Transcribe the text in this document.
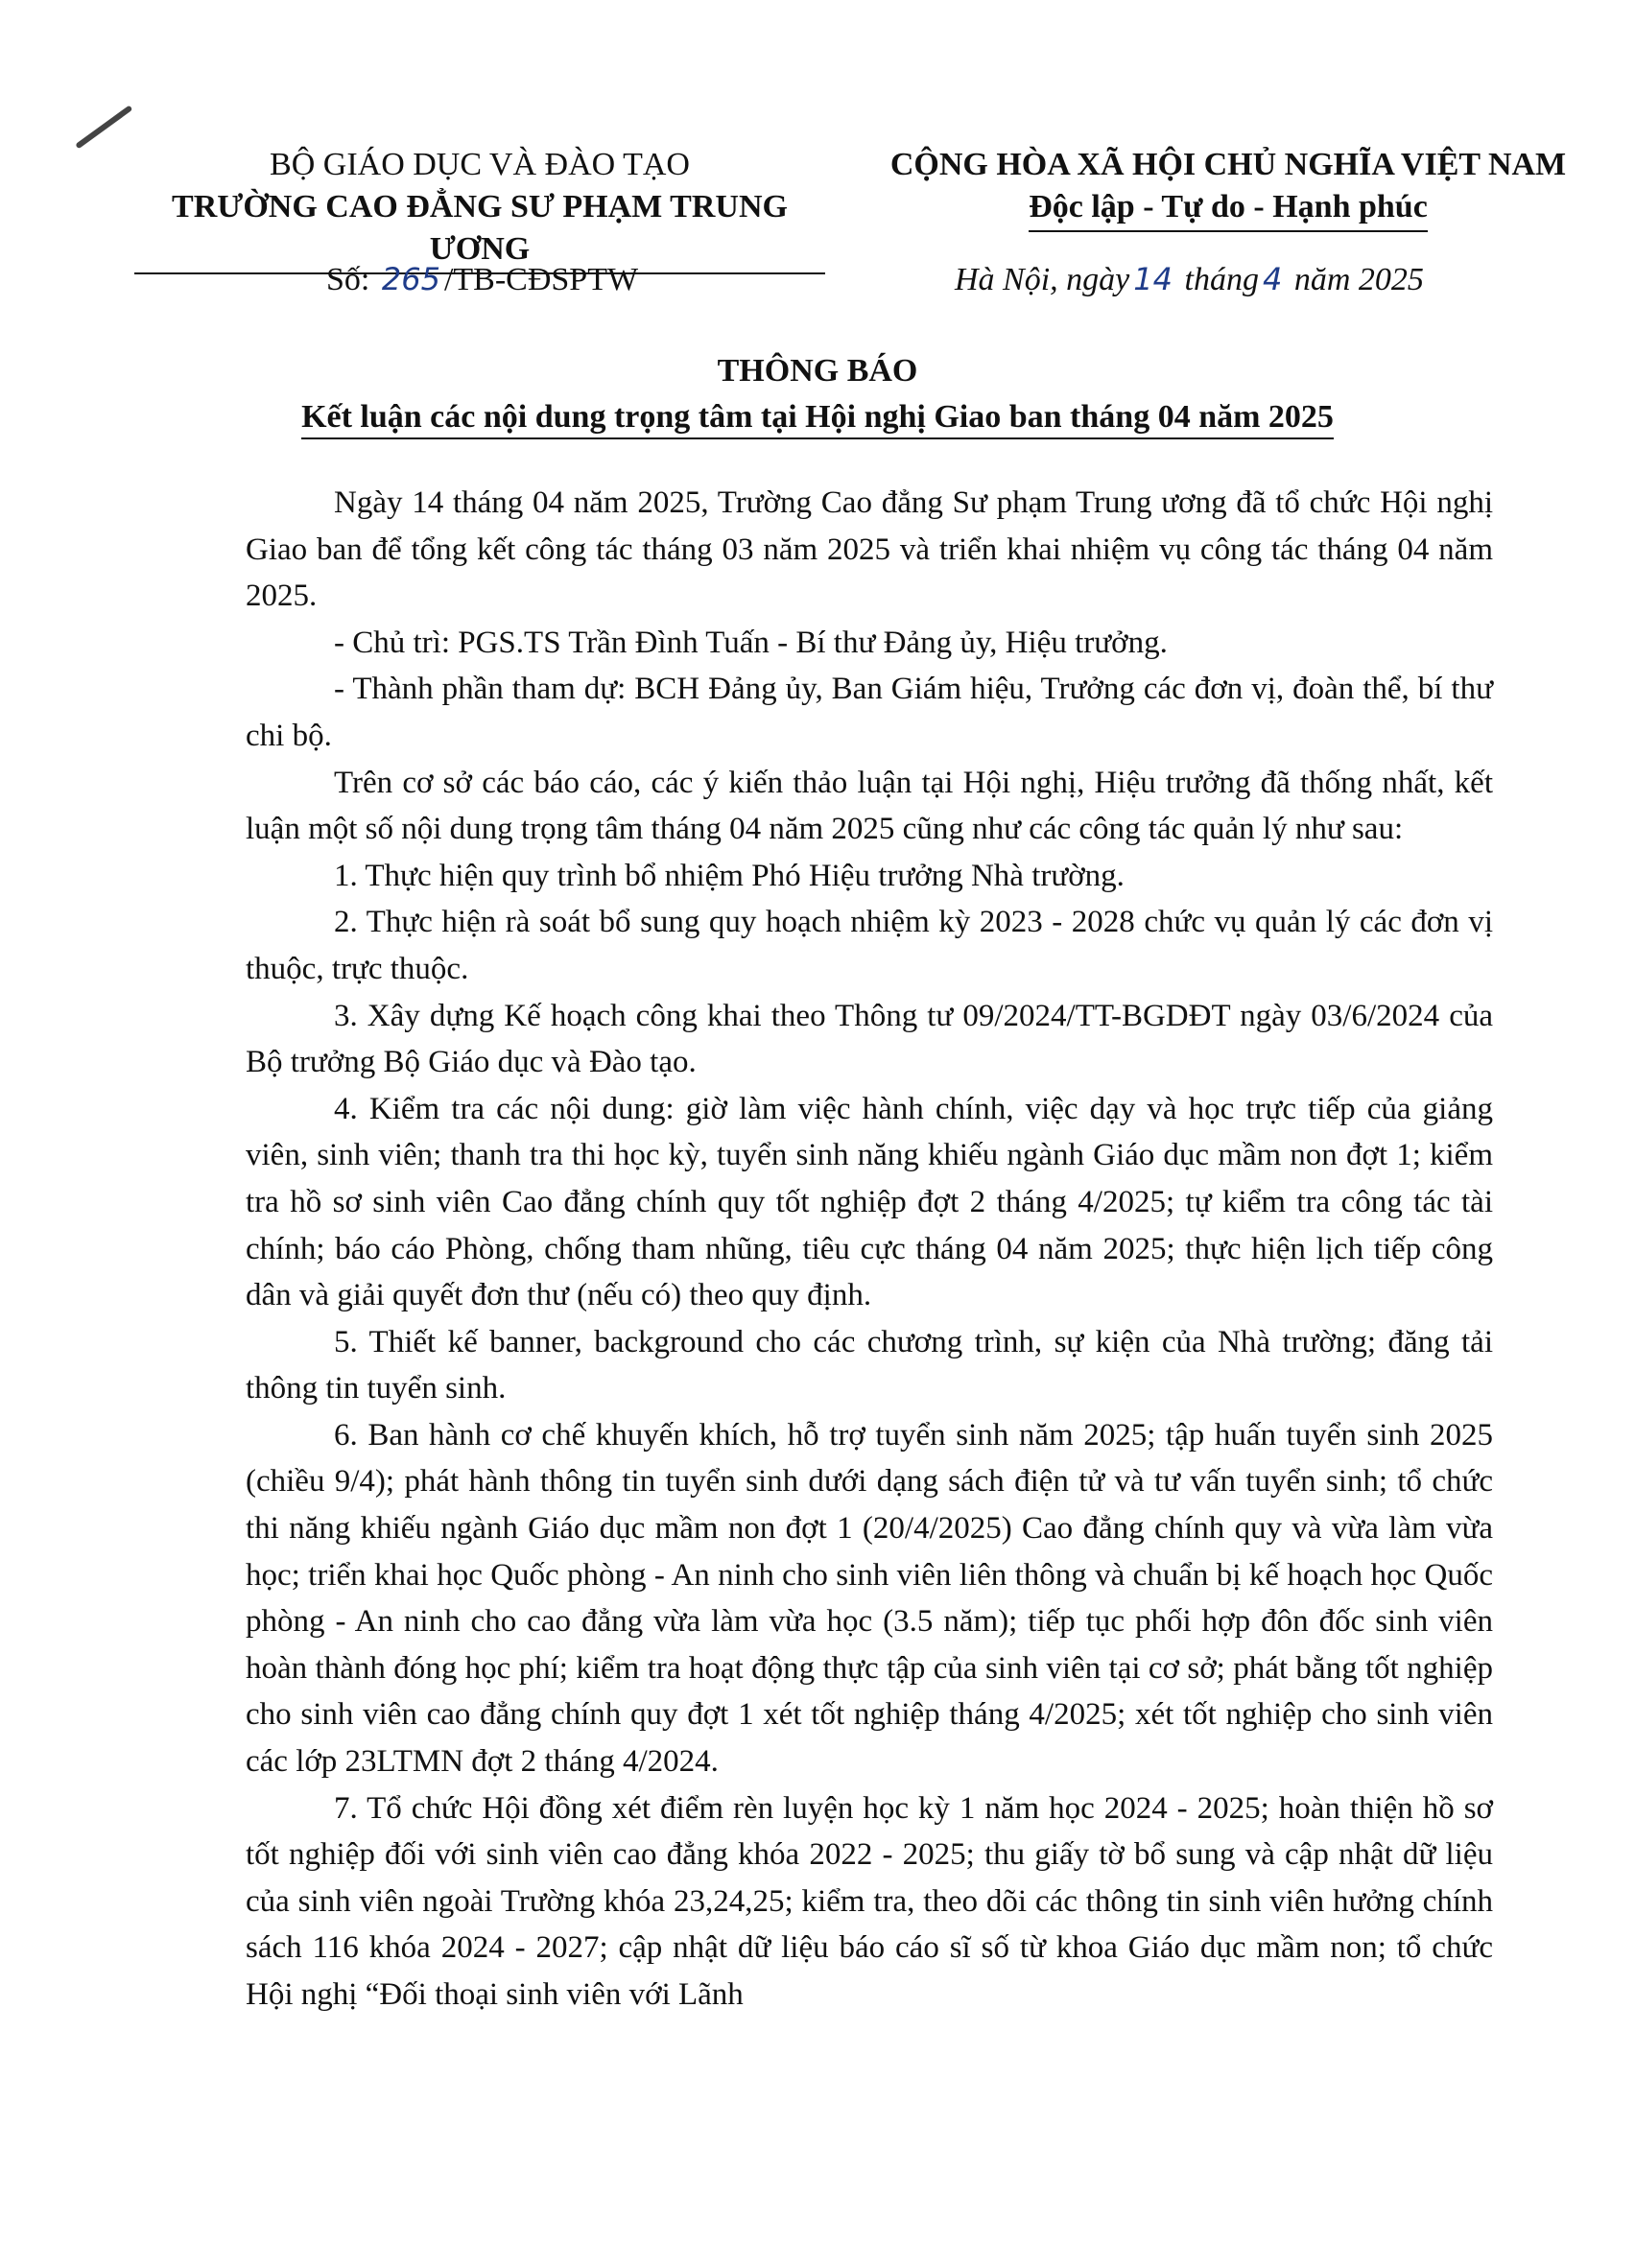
BỘ GIÁO DỤC VÀ ĐÀO TẠO
TRƯỜNG CAO ĐẲNG SƯ PHẠM TRUNG ƯƠNG
CỘNG HÒA XÃ HỘI CHỦ NGHĨA VIỆT NAM
Độc lập - Tự do - Hạnh phúc
Số: 265 /TB-CĐSPTW	Hà Nội, ngày 14 tháng 4 năm 2025
THÔNG BÁO
Kết luận các nội dung trọng tâm tại Hội nghị Giao ban tháng 04 năm 2025

Ngày 14 tháng 04 năm 2025, Trường Cao đẳng Sư phạm Trung ương đã tổ chức Hội nghị Giao ban để tổng kết công tác tháng 03 năm 2025 và triển khai nhiệm vụ công tác tháng 04 năm 2025.

- Chủ trì: PGS.TS Trần Đình Tuấn - Bí thư Đảng ủy, Hiệu trưởng.

- Thành phần tham dự: BCH Đảng ủy, Ban Giám hiệu, Trưởng các đơn vị, đoàn thể, bí thư chi bộ.

Trên cơ sở các báo cáo, các ý kiến thảo luận tại Hội nghị, Hiệu trưởng đã thống nhất, kết luận một số nội dung trọng tâm tháng 04 năm 2025 cũng như các công tác quản lý như sau:

1. Thực hiện quy trình bổ nhiệm Phó Hiệu trưởng Nhà trường.

2. Thực hiện rà soát bổ sung quy hoạch nhiệm kỳ 2023 - 2028 chức vụ quản lý các đơn vị thuộc, trực thuộc.

3. Xây dựng Kế hoạch công khai theo Thông tư 09/2024/TT-BGDĐT ngày 03/6/2024 của Bộ trưởng Bộ Giáo dục và Đào tạo.

4. Kiểm tra các nội dung: giờ làm việc hành chính, việc dạy và học trực tiếp của giảng viên, sinh viên; thanh tra thi học kỳ, tuyển sinh năng khiếu ngành Giáo dục mầm non đợt 1; kiểm tra hồ sơ sinh viên Cao đẳng chính quy tốt nghiệp đợt 2 tháng 4/2025; tự kiểm tra công tác tài chính; báo cáo Phòng, chống tham nhũng, tiêu cực tháng 04 năm 2025; thực hiện lịch tiếp công dân và giải quyết đơn thư (nếu có) theo quy định.

5. Thiết kế banner, background cho các chương trình, sự kiện của Nhà trường; đăng tải thông tin tuyển sinh.

6. Ban hành cơ chế khuyến khích, hỗ trợ tuyển sinh năm 2025; tập huấn tuyển sinh 2025 (chiều 9/4); phát hành thông tin tuyển sinh dưới dạng sách điện tử và tư vấn tuyển sinh; tổ chức thi năng khiếu ngành Giáo dục mầm non đợt 1 (20/4/2025) Cao đẳng chính quy và vừa làm vừa học; triển khai học Quốc phòng - An ninh cho sinh viên liên thông và chuẩn bị kế hoạch học Quốc phòng - An ninh cho cao đẳng vừa làm vừa học (3.5 năm); tiếp tục phối hợp đôn đốc sinh viên hoàn thành đóng học phí; kiểm tra hoạt động thực tập của sinh viên tại cơ sở; phát bằng tốt nghiệp cho sinh viên cao đẳng chính quy đợt 1 xét tốt nghiệp tháng 4/2025; xét tốt nghiệp cho sinh viên các lớp 23LTMN đợt 2 tháng 4/2024.

7. Tổ chức Hội đồng xét điểm rèn luyện học kỳ 1 năm học 2024 - 2025; hoàn thiện hồ sơ tốt nghiệp đối với sinh viên cao đẳng khóa 2022 - 2025; thu giấy tờ bổ sung và cập nhật dữ liệu của sinh viên ngoài Trường khóa 23,24,25; kiểm tra, theo dõi các thông tin sinh viên hưởng chính sách 116 khóa 2024 - 2027; cập nhật dữ liệu báo cáo sĩ số từ khoa Giáo dục mầm non; tổ chức Hội nghị “Đối thoại sinh viên với Lãnh
